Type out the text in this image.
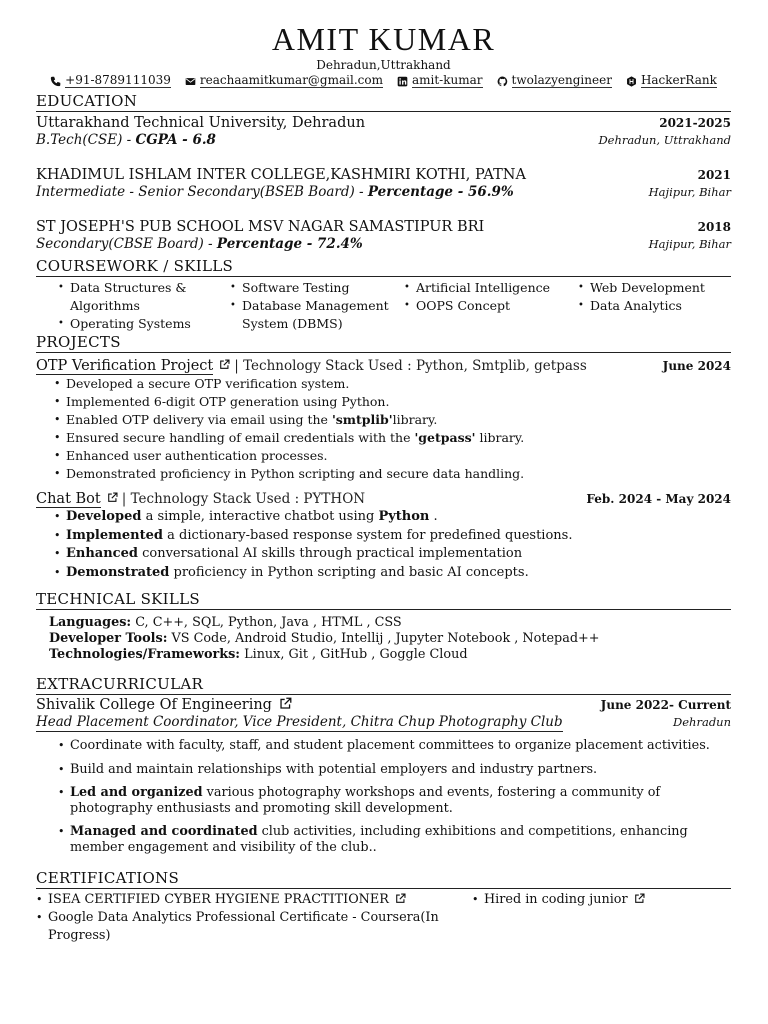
AMIT KUMAR
Dehradun,Uttrakhand
+91-8789111039 reachaamitkumar@gmail.com amit-kumar twolazyengineer HackerRank
EDUCATION
Uttarakhand Technical University, Dehradun	2021-2025
B.Tech(CSE) - CGPA - 6.8	Dehradun, Uttrakhand
KHADIMUL ISHLAM INTER COLLEGE,KASHMIRI KOTHI, PATNA	2021
Intermediate - Senior Secondary(BSEB Board) - Percentage - 56.9%	Hajipur, Bihar
ST JOSEPH'S PUB SCHOOL MSV NAGAR SAMASTIPUR BRI	2018
Secondary(CBSE Board) - Percentage - 72.4%	Hajipur, Bihar
COURSEWORK / SKILLS
• Data Structures & Algorithms
• Operating Systems
• Software Testing
• Database Management System (DBMS)
• Artificial Intelligence
• OOPS Concept
• Web Development
• Data Analytics
PROJECTS
OTP Verification Project | Technology Stack Used : Python, Smtplib, getpass	June 2024
• Developed a secure OTP verification system.
• Implemented 6-digit OTP generation using Python.
• Enabled OTP delivery via email using the 'smtplib'library.
• Ensured secure handling of email credentials with the 'getpass' library.
• Enhanced user authentication processes.
• Demonstrated proficiency in Python scripting and secure data handling.
Chat Bot | Technology Stack Used : PYTHON	Feb. 2024 - May 2024
• Developed a simple, interactive chatbot using Python .
• Implemented a dictionary-based response system for predefined questions.
• Enhanced conversational AI skills through practical implementation
• Demonstrated proficiency in Python scripting and basic AI concepts.
TECHNICAL SKILLS
Languages: C, C++, SQL, Python, Java , HTML , CSS
Developer Tools: VS Code, Android Studio, Intellij , Jupyter Notebook , Notepad++
Technologies/Frameworks: Linux, Git , GitHub , Goggle Cloud
EXTRACURRICULAR
Shivalik College Of Engineering	June 2022- Current
Head Placement Coordinator, Vice President, Chitra Chup Photography Club	Dehradun
• Coordinate with faculty, staff, and student placement committees to organize placement activities.
• Build and maintain relationships with potential employers and industry partners.
• Led and organized various photography workshops and events, fostering a community of photography enthusiasts and promoting skill development.
• Managed and coordinated club activities, including exhibitions and competitions, enhancing member engagement and visibility of the club..
CERTIFICATIONS
• ISEA CERTIFIED CYBER HYGIENE PRACTITIONER
•	Hired in coding junior
• Google Data Analytics Professional Certificate - Coursera(In Progress)
